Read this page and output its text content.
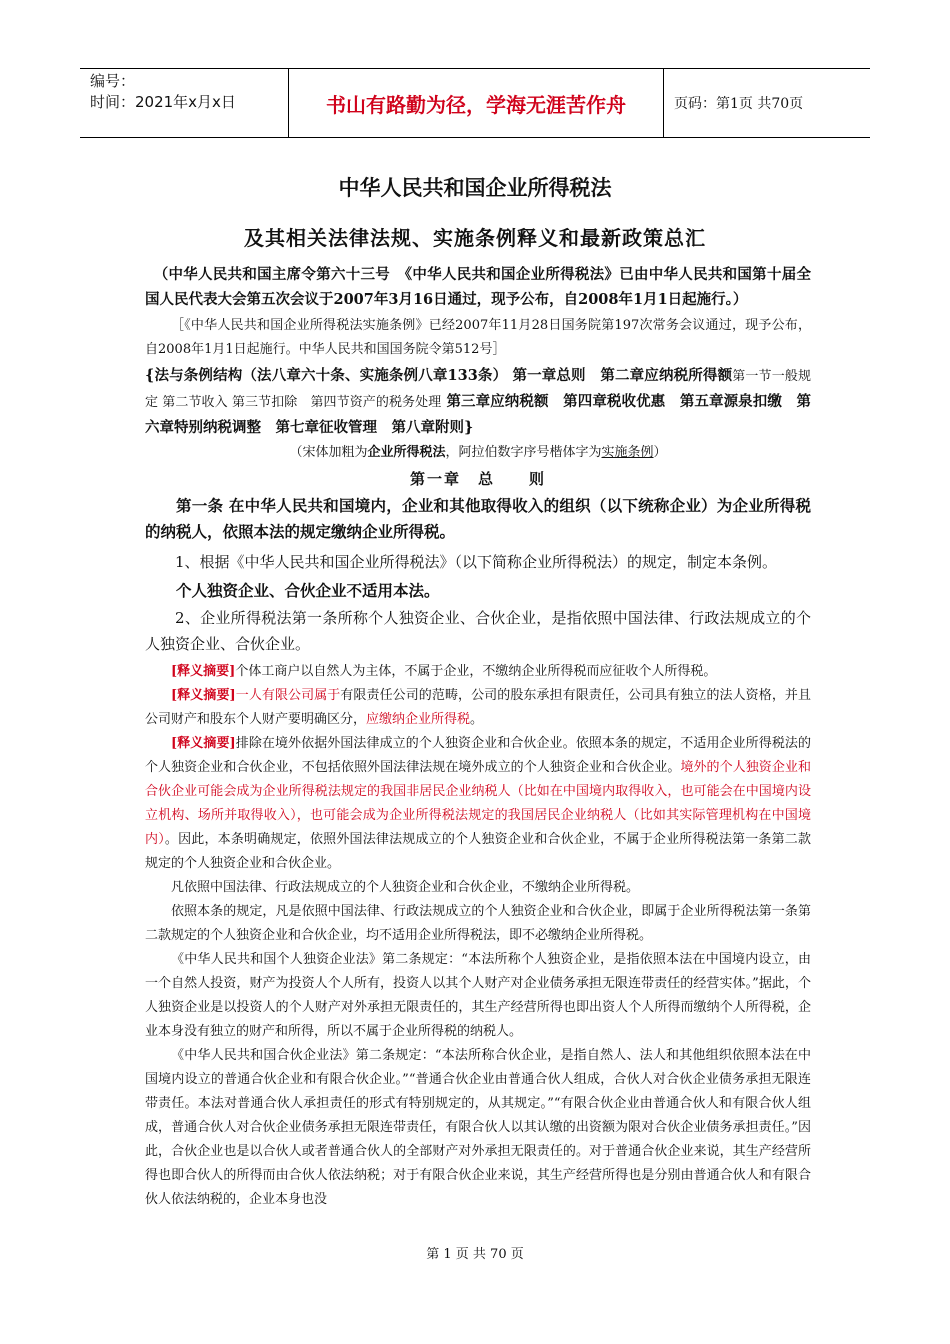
编号：
时间：2021年x月x日	书山有路勤为径，学海无涯苦作舟	页码：第1页 共70页
中华人民共和国企业所得税法
及其相关法律法规、实施条例释义和最新政策总汇

（中华人民共和国主席令第六十三号　《中华人民共和国企业所得税法》已由中华人民共和国第十届全国人民代表大会第五次会议于2007年3月16日通过，现予公布，自2008年1月1日起施行。）

［《中华人民共和国企业所得税法实施条例》已经2007年11月28日国务院第197次常务会议通过，现予公布，自2008年1月1日起施行。中华人民共和国国务院令第512号］

{法与条例结构（法八章六十条、实施条例八章133条） 第一章总则　第二章应纳税所得额第一节一般规定 第二节收入 第三节扣除　第四节资产的税务处理 第三章应纳税额　第四章税收优惠　第五章源泉扣缴　第六章特别纳税调整　第七章征收管理　第八章附则}

（宋体加粗为企业所得税法，阿拉伯数字序号楷体字为实施条例）

第一章　总　　则

第一条 在中华人民共和国境内，企业和其他取得收入的组织（以下统称企业）为企业所得税的纳税人，依照本法的规定缴纳企业所得税。

1、根据《中华人民共和国企业所得税法》（以下简称企业所得税法）的规定，制定本条例。

个人独资企业、合伙企业不适用本法。

2、企业所得税法第一条所称个人独资企业、合伙企业，是指依照中国法律、行政法规成立的个人独资企业、合伙企业。

[释义摘要]个体工商户以自然人为主体，不属于企业，不缴纳企业所得税而应征收个人所得税。

[释义摘要]一人有限公司属于有限责任公司的范畴，公司的股东承担有限责任，公司具有独立的法人资格，并且公司财产和股东个人财产要明确区分，应缴纳企业所得税。

[释义摘要]排除在境外依据外国法律成立的个人独资企业和合伙企业。依照本条的规定，不适用企业所得税法的个人独资企业和合伙企业，不包括依照外国法律法规在境外成立的个人独资企业和合伙企业。境外的个人独资企业和合伙企业可能会成为企业所得税法规定的我国非居民企业纳税人（比如在中国境内取得收入，也可能会在中国境内设立机构、场所并取得收入），也可能会成为企业所得税法规定的我国居民企业纳税人（比如其实际管理机构在中国境内）。因此，本条明确规定，依照外国法律法规成立的个人独资企业和合伙企业，不属于企业所得税法第一条第二款规定的个人独资企业和合伙企业。

凡依照中国法律、行政法规成立的个人独资企业和合伙企业，不缴纳企业所得税。

依照本条的规定，凡是依照中国法律、行政法规成立的个人独资企业和合伙企业，即属于企业所得税法第一条第二款规定的个人独资企业和合伙企业，均不适用企业所得税法，即不必缴纳企业所得税。

《中华人民共和国个人独资企业法》第二条规定：“本法所称个人独资企业，是指依照本法在中国境内设立，由一个自然人投资，财产为投资人个人所有，投资人以其个人财产对企业债务承担无限连带责任的经营实体。”据此，个人独资企业是以投资人的个人财产对外承担无限责任的，其生产经营所得也即出资人个人所得而缴纳个人所得税，企业本身没有独立的财产和所得，所以不属于企业所得税的纳税人。

《中华人民共和国合伙企业法》第二条规定：“本法所称合伙企业，是指自然人、法人和其他组织依照本法在中国境内设立的普通合伙企业和有限合伙企业。”“普通合伙企业由普通合伙人组成，合伙人对合伙企业债务承担无限连带责任。本法对普通合伙人承担责任的形式有特别规定的，从其规定。”“有限合伙企业由普通合伙人和有限合伙人组成，普通合伙人对合伙企业债务承担无限连带责任，有限合伙人以其认缴的出资额为限对合伙企业债务承担责任。”因此，合伙企业也是以合伙人或者普通合伙人的全部财产对外承担无限责任的。对于普通合伙企业来说，其生产经营所得也即合伙人的所得而由合伙人依法纳税；对于有限合伙企业来说，其生产经营所得也是分别由普通合伙人和有限合伙人依法纳税的，企业本身也没

第 1 页 共 70 页
